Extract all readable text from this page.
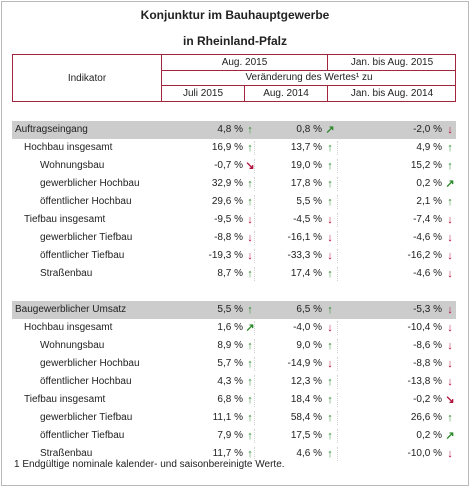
Konjunktur im Bauhauptgewerbe
in Rheinland-Pfalz
Indikator
Aug. 2015	Jan. bis Aug. 2015
Veränderung des Wertes¹ zu
Juli 2015	Aug. 2014	Jan. bis Aug. 2014
Auftragseingang	4,8 % ↑	0,8 % ↗	-2,0 % ↓
Hochbau insgesamt	16,9 % ↑	13,7 % ↑	4,9 % ↑
Wohnungsbau	-0,7 % ↘	19,0 % ↑	15,2 % ↑
gewerblicher Hochbau	32,9 % ↑	17,8 % ↑	0,2 % ↗
öffentlicher Hochbau	29,6 % ↑	5,5 % ↑	2,1 % ↑
Tiefbau insgesamt	-9,5 % ↓	-4,5 % ↓	-7,4 % ↓
gewerblicher Tiefbau	-8,8 % ↓	-16,1 % ↓	-4,6 % ↓
öffentlicher Tiefbau	-19,3 % ↓	-33,3 % ↓	-16,2 % ↓
Straßenbau	8,7 % ↑	17,4 % ↑	-4,6 % ↓
Baugewerblicher Umsatz	5,5 % ↑	6,5 % ↑	-5,3 % ↓
Hochbau insgesamt	1,6 % ↗	-4,0 % ↓	-10,4 % ↓
Wohnungsbau	8,9 % ↑	9,0 % ↑	-8,6 % ↓
gewerblicher Hochbau	5,7 % ↑	-14,9 % ↓	-8,8 % ↓
öffentlicher Hochbau	4,3 % ↑	12,3 % ↑	-13,8 % ↓
Tiefbau insgesamt	6,8 % ↑	18,4 % ↑	-0,2 % ↘
gewerblicher Tiefbau	11,1 % ↑	58,4 % ↑	26,6 % ↑
öffentlicher Tiefbau	7,9 % ↑	17,5 % ↑	0,2 % ↗
Straßenbau	11,7 % ↑	4,6 % ↑	-10,0 % ↓
1 Endgültige nominale kalender- und saisonbereinigte Werte.
